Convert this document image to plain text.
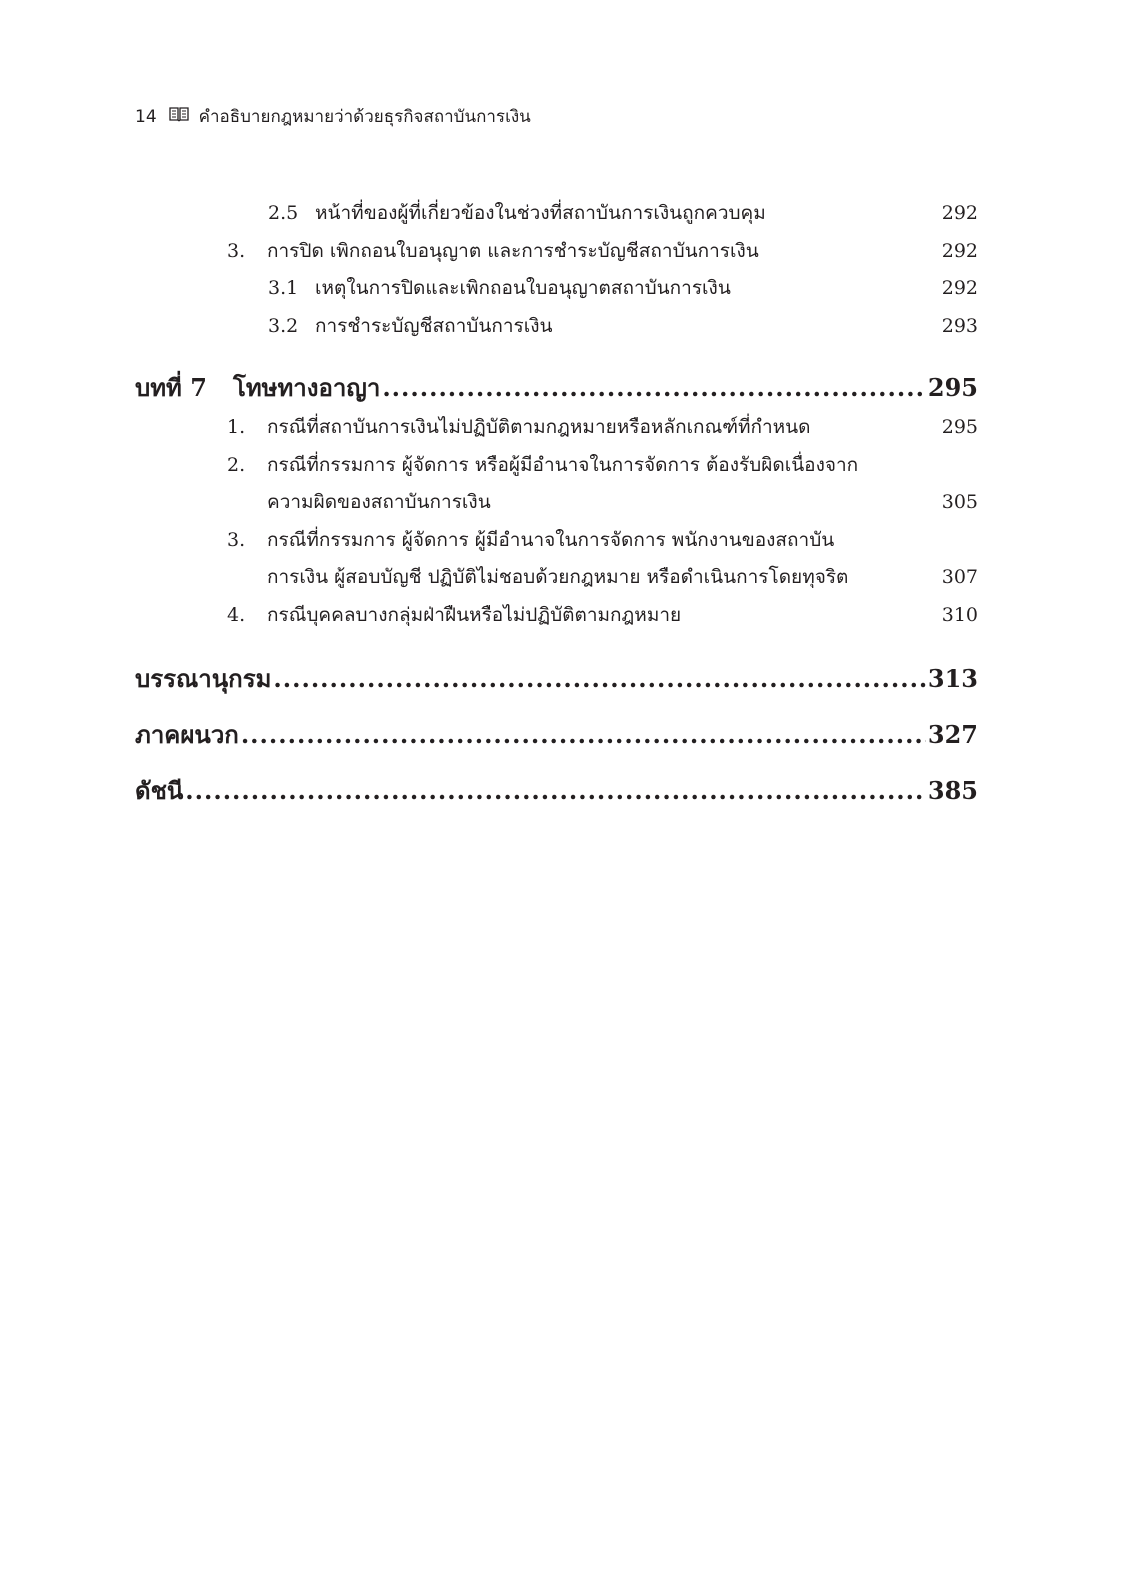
14 คำอธิบายกฎหมายว่าด้วยธุรกิจสถาบันการเงิน
2.5 หน้าที่ของผู้ที่เกี่ยวข้องในช่วงที่สถาบันการเงินถูกควบคุม	292
3. การปิด เพิกถอนใบอนุญาต และการชำระบัญชีสถาบันการเงิน	292
3.1 เหตุในการปิดและเพิกถอนใบอนุญาตสถาบันการเงิน	292
3.2 การชำระบัญชีสถาบันการเงิน	293
บทที่ 7 โทษทางอาญา .....	295
1. กรณีที่สถาบันการเงินไม่ปฏิบัติตามกฎหมายหรือหลักเกณฑ์ที่กำหนด	295
2. กรณีที่กรรมการ ผู้จัดการ หรือผู้มีอำนาจในการจัดการ ต้องรับผิดเนื่องจาก
ความผิดของสถาบันการเงิน	305
3. กรณีที่กรรมการ ผู้จัดการ ผู้มีอำนาจในการจัดการ พนักงานของสถาบัน
การเงิน ผู้สอบบัญชี ปฏิบัติไม่ชอบด้วยกฎหมาย หรือดำเนินการโดยทุจริต	307
4. กรณีบุคคลบางกลุ่มฝ่าฝืนหรือไม่ปฏิบัติตามกฎหมาย	310
บรรณานุกรม .....	313
ภาคผนวก .....	327
ดัชนี .....	385
